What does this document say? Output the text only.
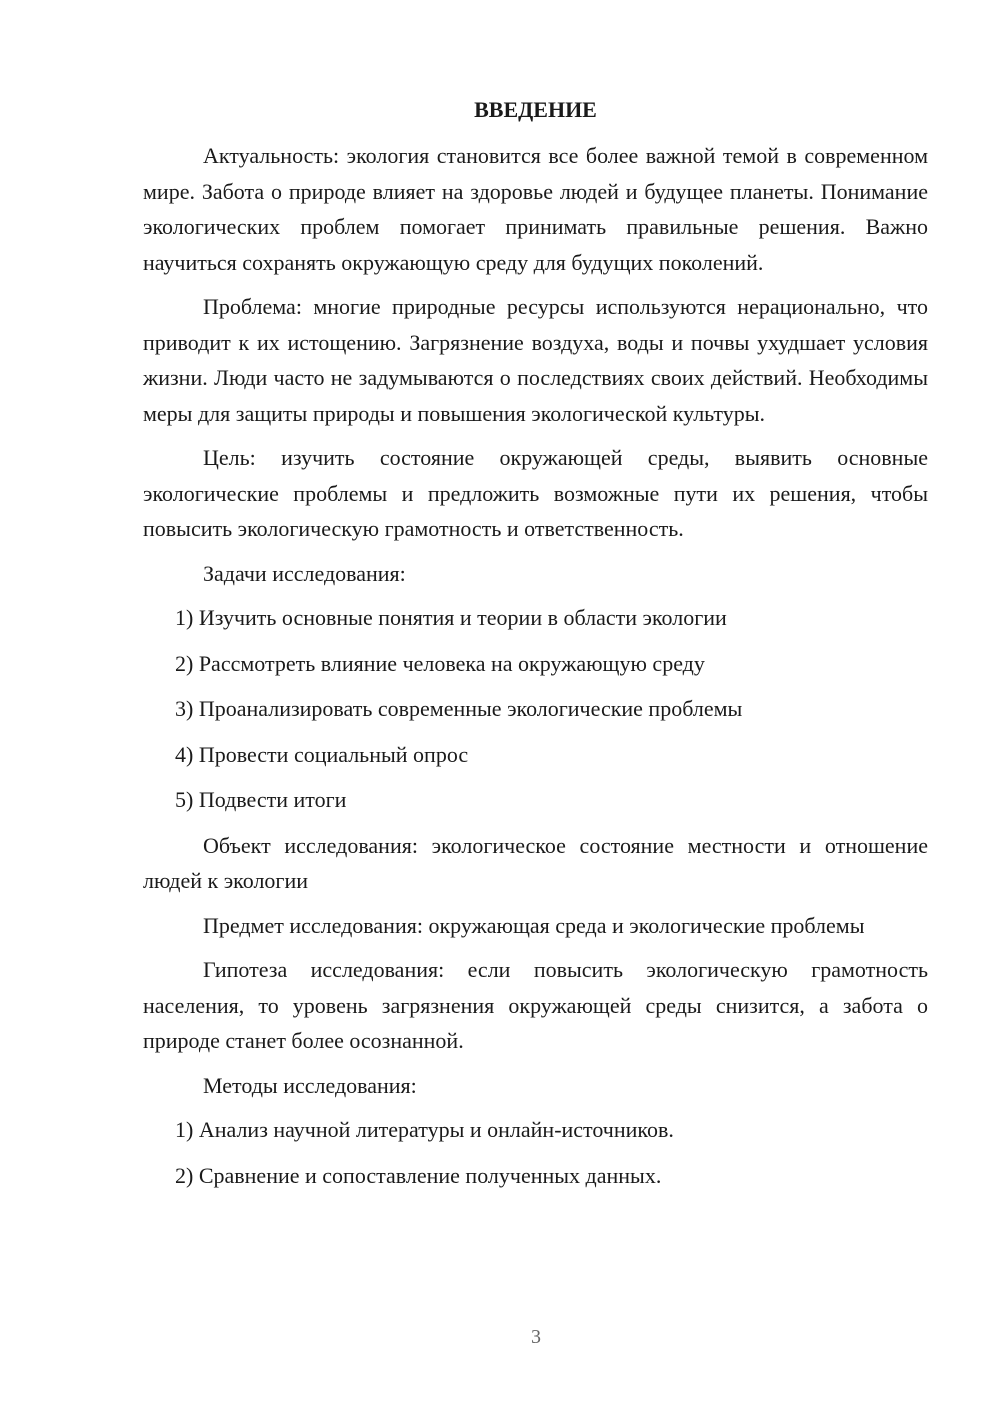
ВВЕДЕНИЕ

Актуальность: экология становится все более важной темой в современном мире. Забота о природе влияет на здоровье людей и будущее планеты. Понимание экологических проблем помогает принимать правильные решения. Важно научиться сохранять окружающую среду для будущих поколений.

Проблема: многие природные ресурсы используются нерационально, что приводит к их истощению. Загрязнение воздуха, воды и почвы ухудшает условия жизни. Люди часто не задумываются о последствиях своих действий. Необходимы меры для защиты природы и повышения экологической культуры.

Цель: изучить состояние окружающей среды, выявить основные экологические проблемы и предложить возможные пути их решения, чтобы повысить экологическую грамотность и ответственность.

Задачи исследования:

1) Изучить основные понятия и теории в области экологии
2) Рассмотреть влияние человека на окружающую среду
3) Проанализировать современные экологические проблемы
4) Провести социальный опрос
5) Подвести итоги

Объект исследования: экологическое состояние местности и отношение людей к экологии

Предмет исследования: окружающая среда и экологические проблемы

Гипотеза исследования: если повысить экологическую грамотность населения, то уровень загрязнения окружающей среды снизится, а забота о природе станет более осознанной.

Методы исследования:

1) Анализ научной литературы и онлайн-источников.
2) Сравнение и сопоставление полученных данных.
3
